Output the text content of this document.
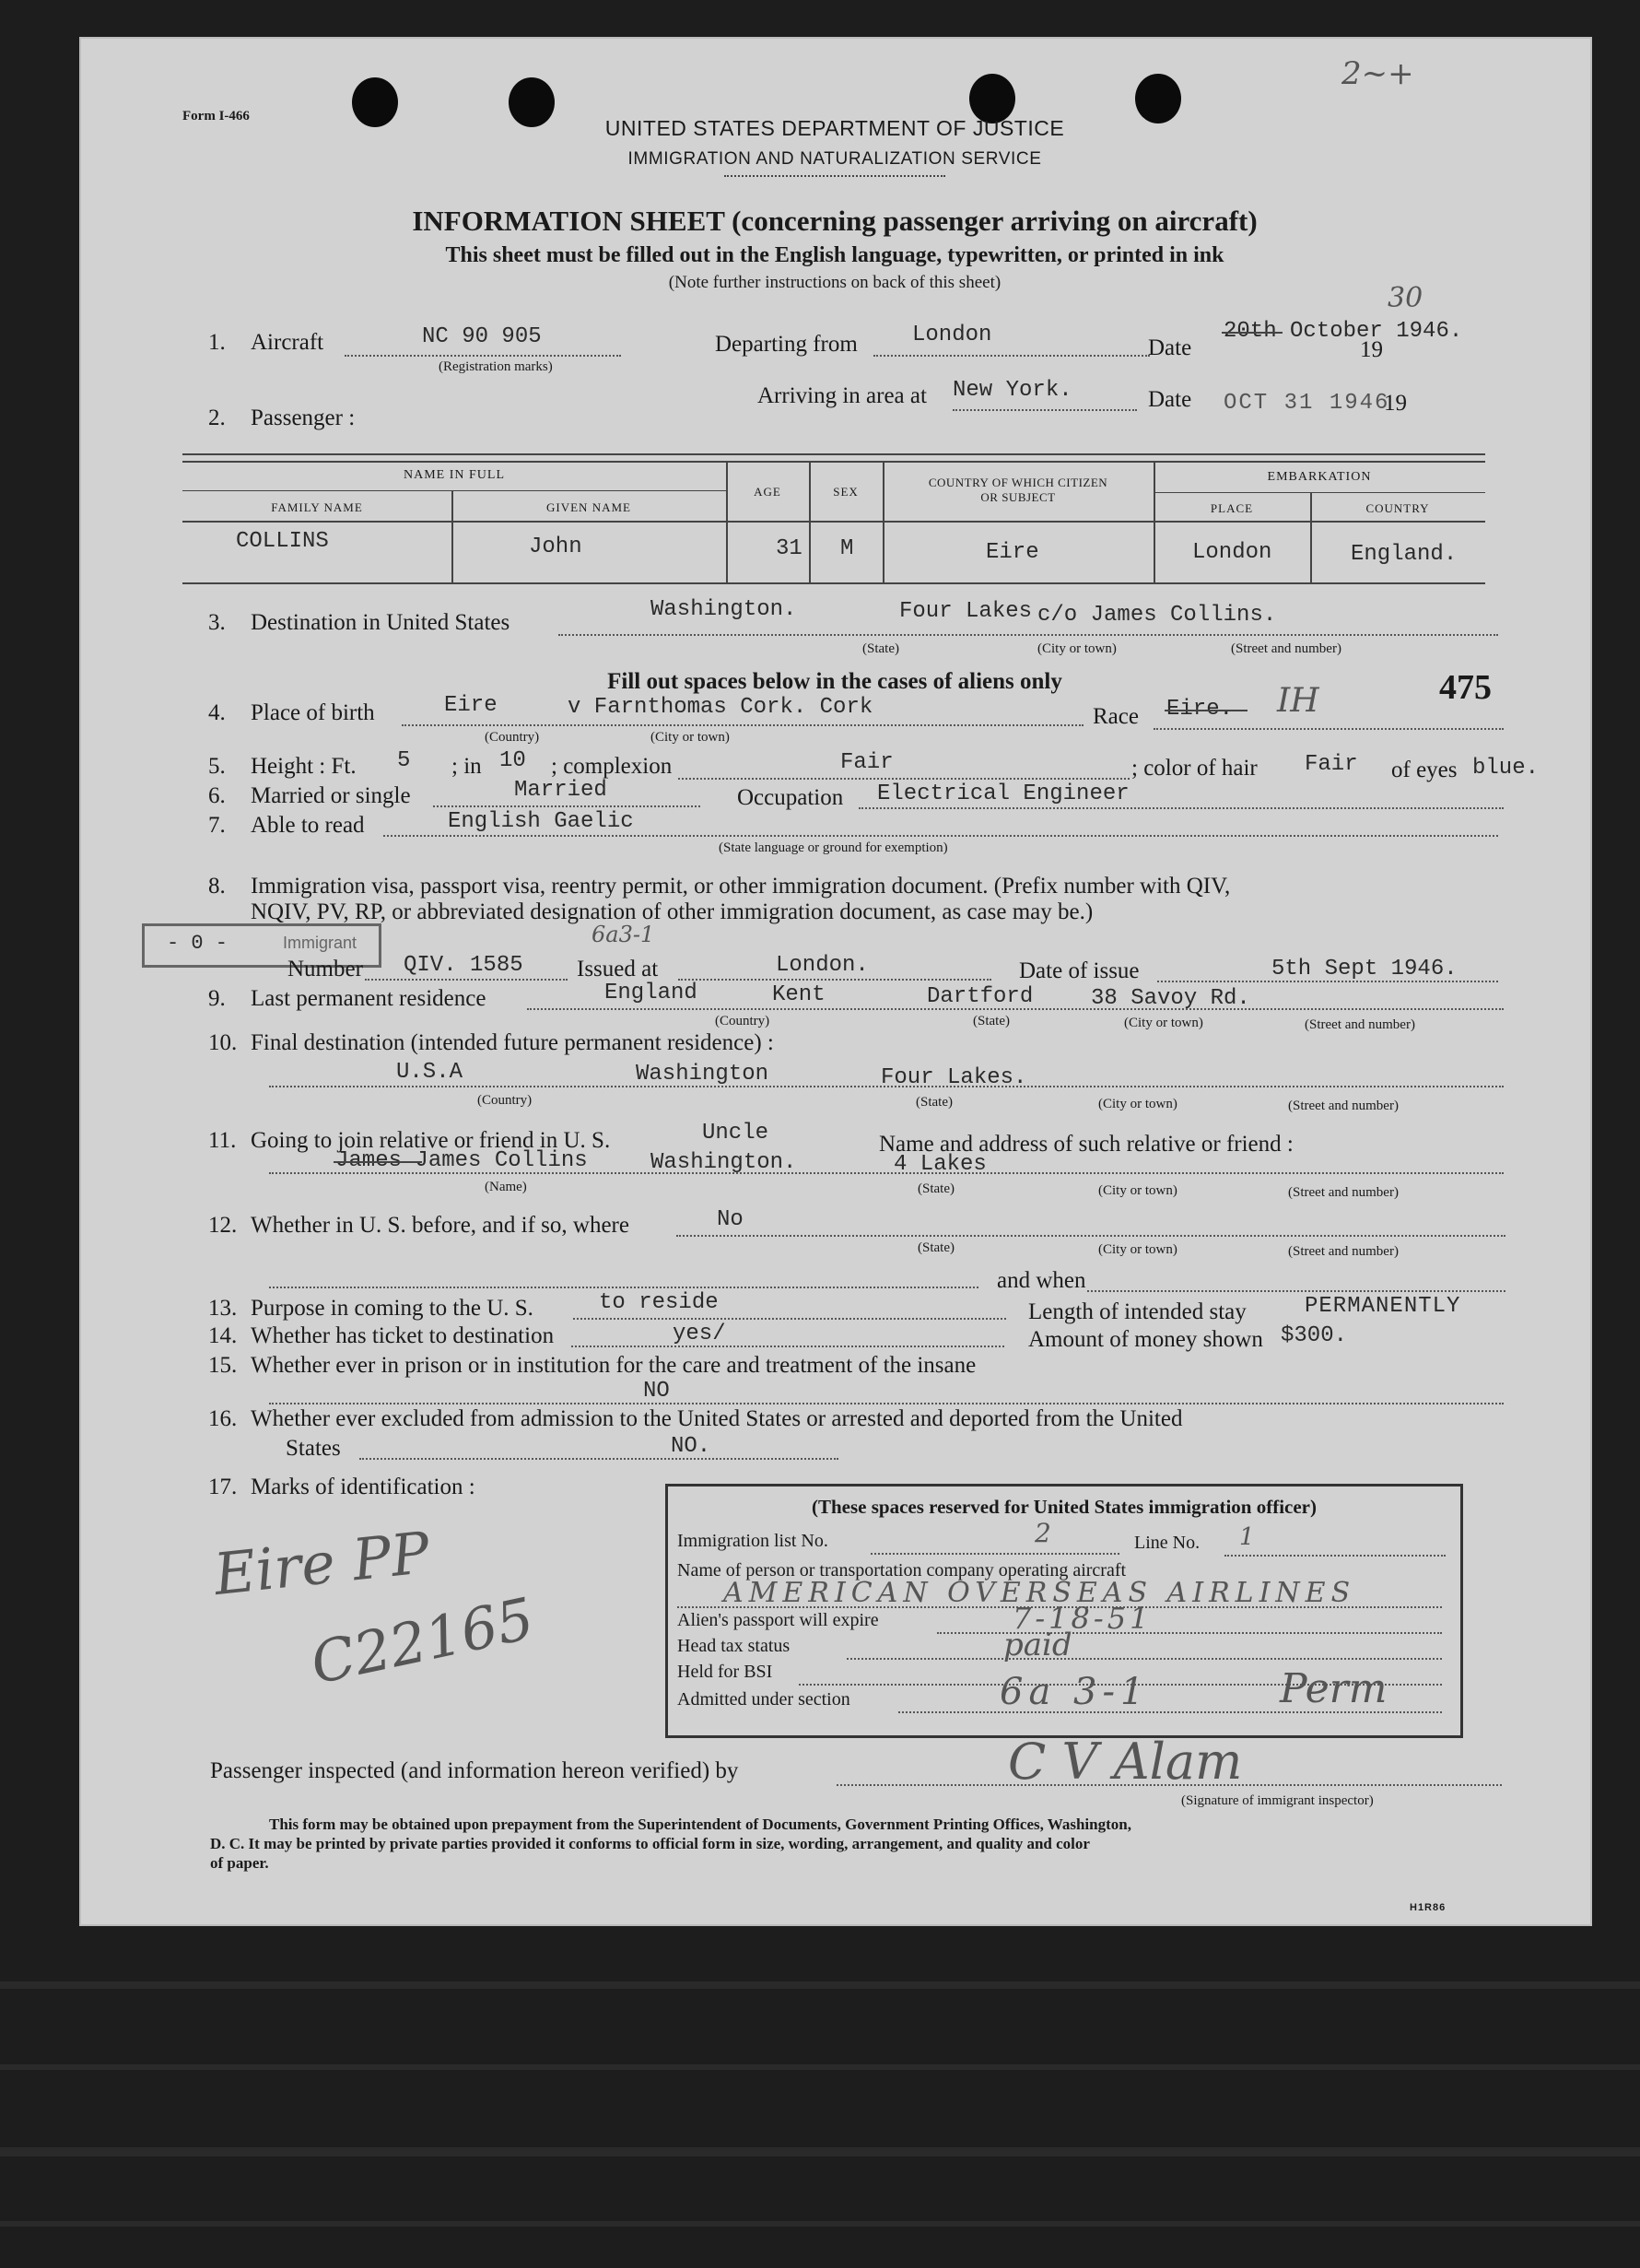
Form I-466
2~+
UNITED STATES DEPARTMENT OF JUSTICE
IMMIGRATION AND NATURALIZATION SERVICE
INFORMATION SHEET (concerning passenger arriving on aircraft)
This sheet must be filled out in the English language, typewritten, or printed in ink
(Note further instructions on back of this sheet)
1. Aircraft	NC 90 905
(Registration marks)
Departing from London
Date
20th October 1946.
30
19
Arriving in area at New York.	Date OCT 31 1946
19
2. Passenger :
NAME IN FULL
FAMILY NAME	GIVEN NAME
AGE	SEX
COUNTRY OF WHICH CITIZEN
OR SUBJECT
EMBARKATION
PLACE	COUNTRY
COLLINS	John	31 M	Eire	London	England.
3. Destination in United States
Washington.	Four Lakes c/o James Collins.
(State)	(City or town)	(Street and number)
Fill out spaces below in the cases of aliens only	475
4. Place of birth	Eire	v Farnthomas Cork. Cork
(Country)	(City or town)
Race Eire. IH
5. Height : Ft. 5 ; in 10 ; complexion	Fair	; color of hair Fair of eyes blue.
6. Married or single	Married	Occupation Electrical Engineer
7. Able to read	English Gaelic
(State language or ground for exemption)
8. Immigration visa, passport visa, reentry permit, or other immigration document. (Prefix number with QIV,
NQIV, PV, RP, or abbreviated designation of other immigration document, as case may be.)
- 0 -	Immigrant	6a3-1
Number QIV. 1585 Issued at	London.	Date of issue	5th Sept 1946.
9. Last permanent residence	England	Kent	Dartford	38 Savoy Rd.
(Country)	(State)	(City or town)	(Street and number)
10. Final destination (intended future permanent residence) :
U.S.A	Washington	Four Lakes.
(Country)	(State)	(City or town)	(Street and number)
11. Going to join relative or friend in U. S.	Uncle	Name and address of such relative or friend :
James James Collins	Washington.	4 Lakes
(Name)	(State)	(City or town)	(Street and number)
12. Whether in U. S. before, and if so, where	No
(State)	(City or town)	(Street and number)
and when
13. Purpose in coming to the U. S.	to reside	Length of intended stay	PERMANENTLY
14. Whether has ticket to destination	yes/	Amount of money shown $300.
15. Whether ever in prison or in institution for the care and treatment of the insane
NO
16. Whether ever excluded from admission to the United States or arrested and deported from the United
States	NO.
17. Marks of identification :
Eire PP
C22165
(These spaces reserved for United States immigration officer)
Immigration list No.	2	Line No. 1
Name of person or transportation company operating aircraft
AMERICAN OVERSEAS AIRLINES
Alien's passport will expire	7-18-51
Head tax status	paid
Held for BSI
Admitted under section	6a 3-1	Perm
Passenger inspected (and information hereon verified) by	C V Alam
(Signature of immigrant inspector)
This form may be obtained upon prepayment from the Superintendent of Documents, Government Printing Offices, Washington,
D. C. It may be printed by private parties provided it conforms to official form in size, wording, arrangement, and quality and color
of paper.
H1R86
